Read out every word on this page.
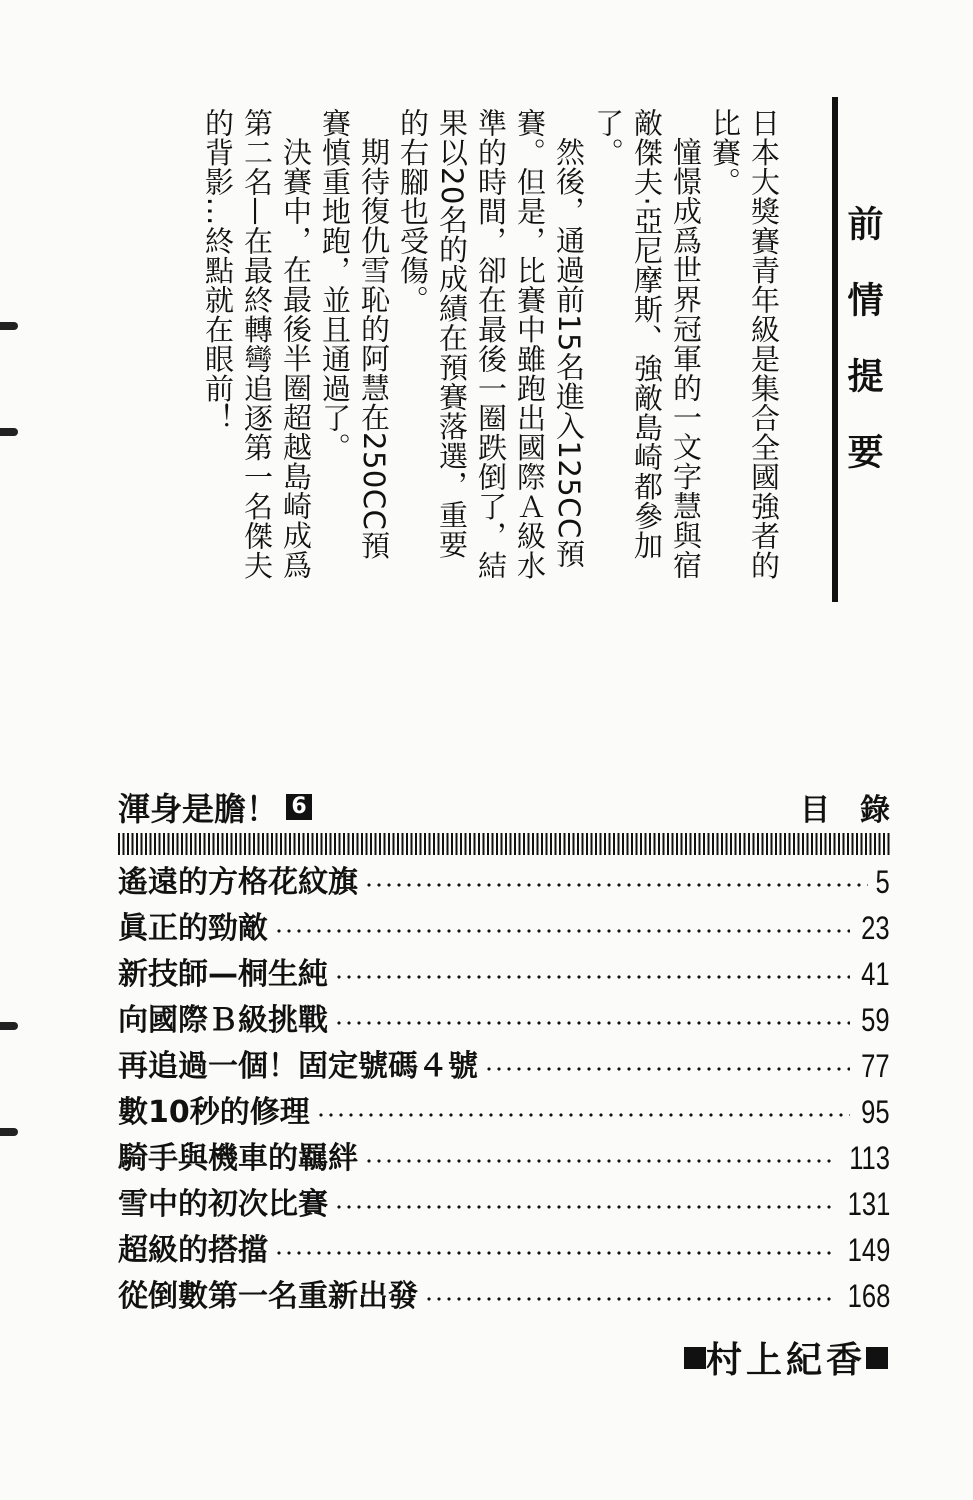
前情提要

日本大獎賽青年級是集合全國強者的比賽。

憧憬成爲世界冠軍的一文字慧與宿敵傑夫·亞尼摩斯、強敵島崎都參加了。

然後，通過前15名進入125CC預賽。但是，比賽中雖跑出國際Ａ級水準的時間，卻在最後一圈跌倒了，結果以20名的成績在預賽落選，重要的右腳也受傷。

期待復仇雪恥的阿慧在250CC預賽慎重地跑，並且通過了。

決賽中，在最後半圈超越島崎成爲第二名—在最終轉彎追逐第一名傑夫的背影…終點就在眼前！

渾身是膽！ 6	目錄
遙遠的方格花紋旗	5
眞正的勁敵	23
新技師—桐生純	41
向國際Ｂ級挑戰	59
再追過一個！固定號碼４號	77
數10秒的修理	95
騎手與機車的羈絆	113
雪中的初次比賽	131
超級的搭擋	149
從倒數第一名重新出發	168
村上紀香
